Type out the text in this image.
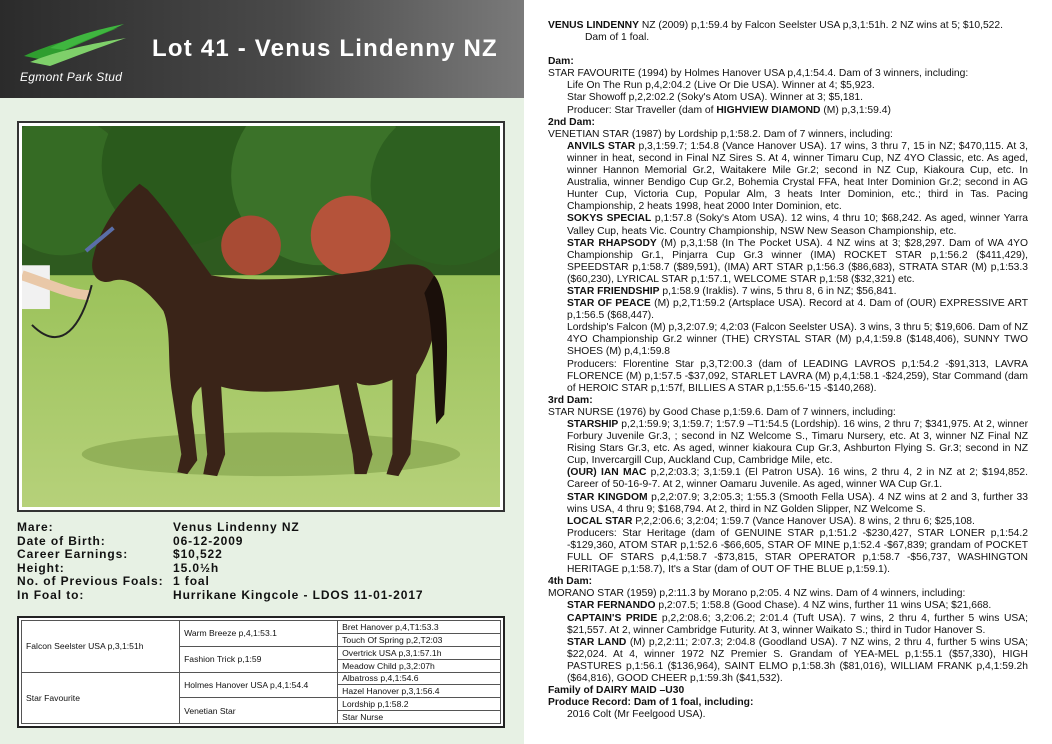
Egmont Park Stud
Lot 41 - Venus Lindenny NZ
Mare:	Venus Lindenny NZ
Date of Birth:	06-12-2009
Career Earnings:	$10,522
Height:	15.0½h
No. of Previous Foals: 1 foal
In Foal to:	Hurrikane Kingcole - LDOS 11-01-2017
Falcon Seelster USA p,3,1:51h	Warm Breeze p,4,1:53.1	Bret Hanover p,4,T1:53.3
		Touch Of Spring p,2,T2:03
	Fashion Trick p,1:59	Overtrick USA p,3,1:57.1h
		Meadow Child p,3,2:07h
Star Favourite	Holmes Hanover USA p,4,1:54.4	Albatross p,4,1:54.6
		Hazel Hanover p,3,1:56.4
	Venetian Star	Lordship p,1:58.2
		Star Nurse
VENUS LINDENNY NZ (2009) p,1:59.4 by Falcon Seelster USA p,3,1:51h. 2 NZ wins at 5; $10,522.
Dam of 1 foal.
Dam:
STAR FAVOURITE (1994) by Holmes Hanover USA p,4,1:54.4. Dam of 3 winners, including:
Life On The Run p,4,2:04.2 (Live Or Die USA). Winner at 4; $5,923.
Star Showoff p,2,2:02.2 (Soky's Atom USA). Winner at 3; $5,181.
Producer: Star Traveller (dam of HIGHVIEW DIAMOND (M) p,3,1:59.4)
2nd Dam:
VENETIAN STAR (1987) by Lordship p,1:58.2. Dam of 7 winners, including:
ANVILS STAR p,3,1:59.7; 1:54.8 (Vance Hanover USA). 17 wins, 3 thru 7, 15 in NZ; $470,115. At 3, winner in heat, second in Final NZ Sires S. At 4, winner Timaru Cup, NZ 4YO Classic, etc. As aged, winner Hannon Memorial Gr.2, Waitakere Mile Gr.2; second in NZ Cup, Kiakoura Cup, etc. In Australia, winner Bendigo Cup Gr.2, Bohemia Crystal FFA, heat Inter Dominion Gr.2; second in AG Hunter Cup, Victoria Cup, Popular Alm, 3 heats Inter Dominion, etc.; third in Tas. Pacing Championship, 2 heats 1998, heat 2000 Inter Dominion, etc.
SOKYS SPECIAL p,1:57.8 (Soky's Atom USA). 12 wins, 4 thru 10; $68,242. As aged, winner Yarra Valley Cup, heats Vic. Country Championship, NSW New Season Championship, etc.
STAR RHAPSODY (M) p,3,1:58 (In The Pocket USA). 4 NZ wins at 3; $28,297. Dam of WA 4YO Championship Gr.1, Pinjarra Cup Gr.3 winner (IMA) ROCKET STAR p,1:56.2 ($411,429), SPEEDSTAR p,1:58.7 ($89,591), (IMA) ART STAR p,1:56.3 ($86,683), STRATA STAR (M) p,1:53.3 ($60,230), LYRICAL STAR p,1:57.1, WELCOME STAR p,1:58 ($32,321) etc.
STAR FRIENDSHIP p,1:58.9 (Iraklis). 7 wins, 5 thru 8, 6 in NZ; $56,841.
STAR OF PEACE (M) p,2,T1:59.2 (Artsplace USA). Record at 4. Dam of (OUR) EXPRESSIVE ART p,1:56.5 ($68,447).
Lordship's Falcon (M) p,3,2:07.9; 4,2:03 (Falcon Seelster USA). 3 wins, 3 thru 5; $19,606. Dam of NZ 4YO Championship Gr.2 winner (THE) CRYSTAL STAR (M) p,4,1:59.8 ($148,406), SUNNY TWO SHOES (M) p,4,1:59.8
Producers: Florentine Star p,3,T2:00.3 (dam of LEADING LAVROS p,1:54.2 -$91,313, LAVRA FLORENCE (M) p,1:57.5 -$37,092, STARLET LAVRA (M) p,4,1:58.1 -$24,259), Star Command (dam of HEROIC STAR p,1:57f, BILLIES A STAR p,1:55.6-'15 -$140,268).
3rd Dam:
STAR NURSE (1976) by Good Chase p,1:59.6. Dam of 7 winners, including:
STARSHIP p,2,1:59.9; 3,1:59.7; 1:57.9 –T1:54.5 (Lordship). 16 wins, 2 thru 7; $341,975. At 2, winner Forbury Juvenile Gr.3, ; second in NZ Welcome S., Timaru Nursery, etc. At 3, winner NZ Final NZ Rising Stars Gr.3, etc. As aged, winner kiakoura Cup Gr.3, Ashburton Flying S. Gr.3; second in NZ Cup, Invercargill Cup, Auckland Cup, Cambridge Mile, etc.
(OUR) IAN MAC p,2,2:03.3; 3,1:59.1 (El Patron USA). 16 wins, 2 thru 4, 2 in NZ at 2; $194,852. Career of 50-16-9-7. At 2, winner Oamaru Juvenile. As aged, winner WA Cup Gr.1.
STAR KINGDOM p,2,2:07.9; 3,2:05.3; 1:55.3 (Smooth Fella USA). 4 NZ wins at 2 and 3, further 33 wins USA, 4 thru 9; $168,794. At 2, third in NZ Golden Slipper, NZ Welcome S.
LOCAL STAR P,2,2:06.6; 3,2:04; 1:59.7 (Vance Hanover USA). 8 wins, 2 thru 6; $25,108.
Producers: Star Heritage (dam of GENUINE STAR p,1:51.2 -$230,427, STAR LONER p,1:54.2 -$129,360, ATOM STAR p,1:52.6 -$66,605, STAR OF MINE p,1:52.4 -$67,839; grandam of POCKET FULL OF STARS p,4,1:58.7 -$73,815, STAR OPERATOR p,1:58.7 -$56,737, WASHINGTON HERITAGE p,1:58.7), It's a Star (dam of OUT OF THE BLUE p,1:59.1).
4th Dam:
MORANO STAR (1959) p,2:11.3 by Morano p,2:05. 4 NZ wins. Dam of 4 winners, including:
STAR FERNANDO p,2:07.5; 1:58.8 (Good Chase). 4 NZ wins, further 11 wins USA; $21,668.
CAPTAIN'S PRIDE p,2,2:08.6; 3,2:06.2; 2:01.4 (Tuft USA). 7 wins, 2 thru 4, further 5 wins USA; $21,557. At 2, winner Cambridge Futurity. At 3, winner Waikato S.; third in Tudor Hanover S.
STAR LAND (M) p,2,2:11; 2:07.3; 2:04.8 (Goodland USA). 7 NZ wins, 2 thru 4, further 5 wins USA; $22,024. At 4, winner 1972 NZ Premier S. Grandam of YEA-MEL p,1:55.1 ($57,330), HIGH PASTURES p,1:56.1 ($136,964), SAINT ELMO p,1:58.3h ($81,016), WILLIAM FRANK p,4,1:59.2h ($64,816), GOOD CHEER p,1:59.3h ($41,532).
Family of DAIRY MAID –U30
Produce Record: Dam of 1 foal, including:
2016 Colt (Mr Feelgood USA).
